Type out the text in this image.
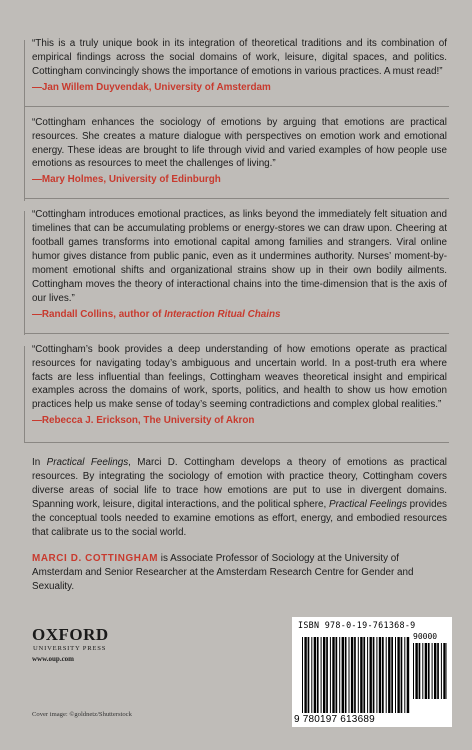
“This is a truly unique book in its integration of theoretical traditions and its combination of empirical findings across the social domains of work, leisure, digital spaces, and politics. Cottingham convincingly shows the importance of emotions in various practices. A must read!”

—Jan Willem Duyvendak, University of Amsterdam

“Cottingham enhances the sociology of emotions by arguing that emotions are practical resources. She creates a mature dialogue with perspectives on emotion work and emotional energy. These ideas are brought to life through vivid and varied examples of how people use emotions as resources to meet the challenges of living.”

—Mary Holmes, University of Edinburgh

“Cottingham introduces emotional practices, as links beyond the immediately felt situation and timelines that can be accumulating problems or energy-stores we can draw upon. Cheering at football games transforms into emotional capital among families and strangers. Viral online humor gives distance from public panic, even as it undermines authority. Nurses’ moment-by-moment emotional shifts and organizational strains show up in their own bodily ailments. Cottingham moves the theory of interactional chains into the time-dimension that is the axis of our lives.”

—Randall Collins, author of Interaction Ritual Chains

“Cottingham’s book provides a deep understanding of how emotions operate as practical resources for navigating today’s ambiguous and uncertain world. In a post-truth era where facts are less influential than feelings, Cottingham weaves theoretical insight and empirical examples across the domains of work, sports, politics, and health to show us how emotion practices help us make sense of today’s seeming contradictions and complex global realities.”

—Rebecca J. Erickson, The University of Akron

In Practical Feelings, Marci D. Cottingham develops a theory of emotions as practical resources. By integrating the sociology of emotion with practice theory, Cottingham covers diverse areas of social life to trace how emotions are put to use in divergent domains. Spanning work, leisure, digital interactions, and the political sphere, Practical Feelings provides the conceptual tools needed to examine emotions as effort, energy, and embodied resources that calibrate us to the social world.

MARCI D. COTTINGHAM is Associate Professor of Sociology at the University of Amsterdam and Senior Researcher at the Amsterdam Research Centre for Gender and Sexuality.

OXFORD
UNIVERSITY PRESS
www.oup.com
Cover image: ©goldnetz/Shutterstock
ISBN 978-0-19-761368-9
90000
9 780197 613689
